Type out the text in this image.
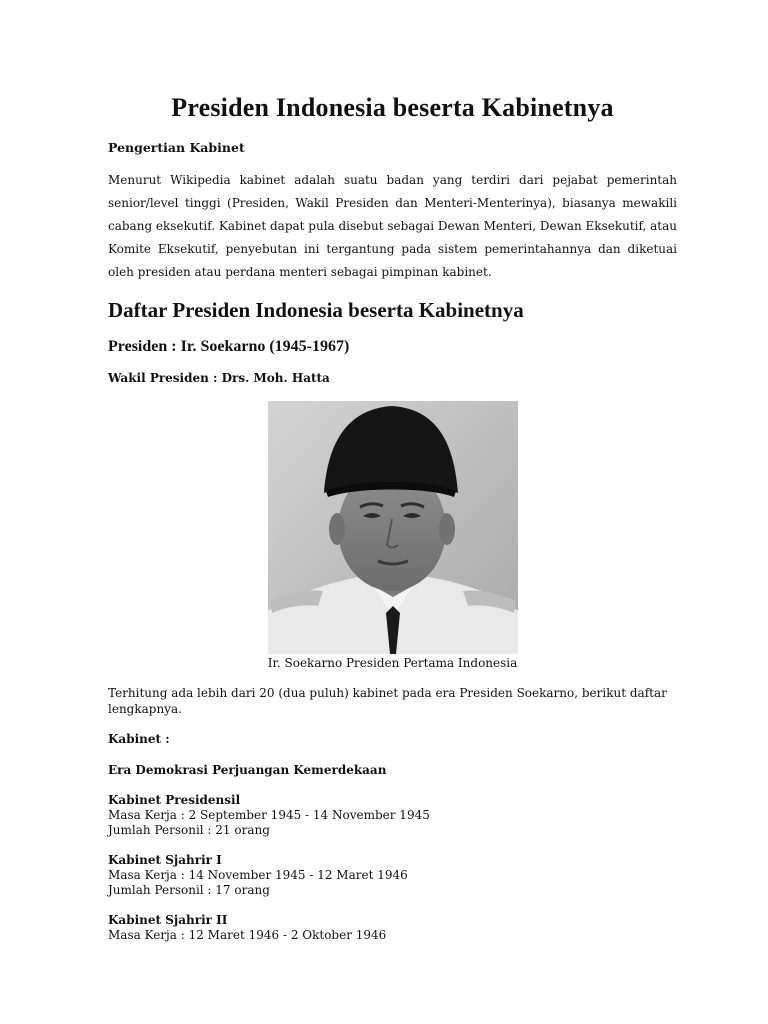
Presiden Indonesia beserta Kabinetnya
Pengertian Kabinet

Menurut Wikipedia kabinet adalah suatu badan yang terdiri dari pejabat pemerintah senior/level tinggi (Presiden, Wakil Presiden dan Menteri-Menterinya), biasanya mewakili cabang eksekutif. Kabinet dapat pula disebut sebagai Dewan Menteri, Dewan Eksekutif, atau Komite Eksekutif, penyebutan ini tergantung pada sistem pemerintahannya dan diketuai oleh presiden atau perdana menteri sebagai pimpinan kabinet.

Daftar Presiden Indonesia beserta Kabinetnya
Presiden : Ir. Soekarno (1945-1967)
Wakil Presiden : Drs. Moh. Hatta

Ir. Soekarno Presiden Pertama Indonesia

Terhitung ada lebih dari 20 (dua puluh) kabinet pada era Presiden Soekarno, berikut daftar lengkapnya.

Kabinet :

Era Demokrasi Perjuangan Kemerdekaan

Kabinet Presidensil

Masa Kerja : 2 September 1945 - 14 November 1945

Jumlah Personil : 21 orang

Kabinet Sjahrir I

Masa Kerja : 14 November 1945 - 12 Maret 1946

Jumlah Personil : 17 orang

Kabinet Sjahrir II

Masa Kerja : 12 Maret 1946 - 2 Oktober 1946
